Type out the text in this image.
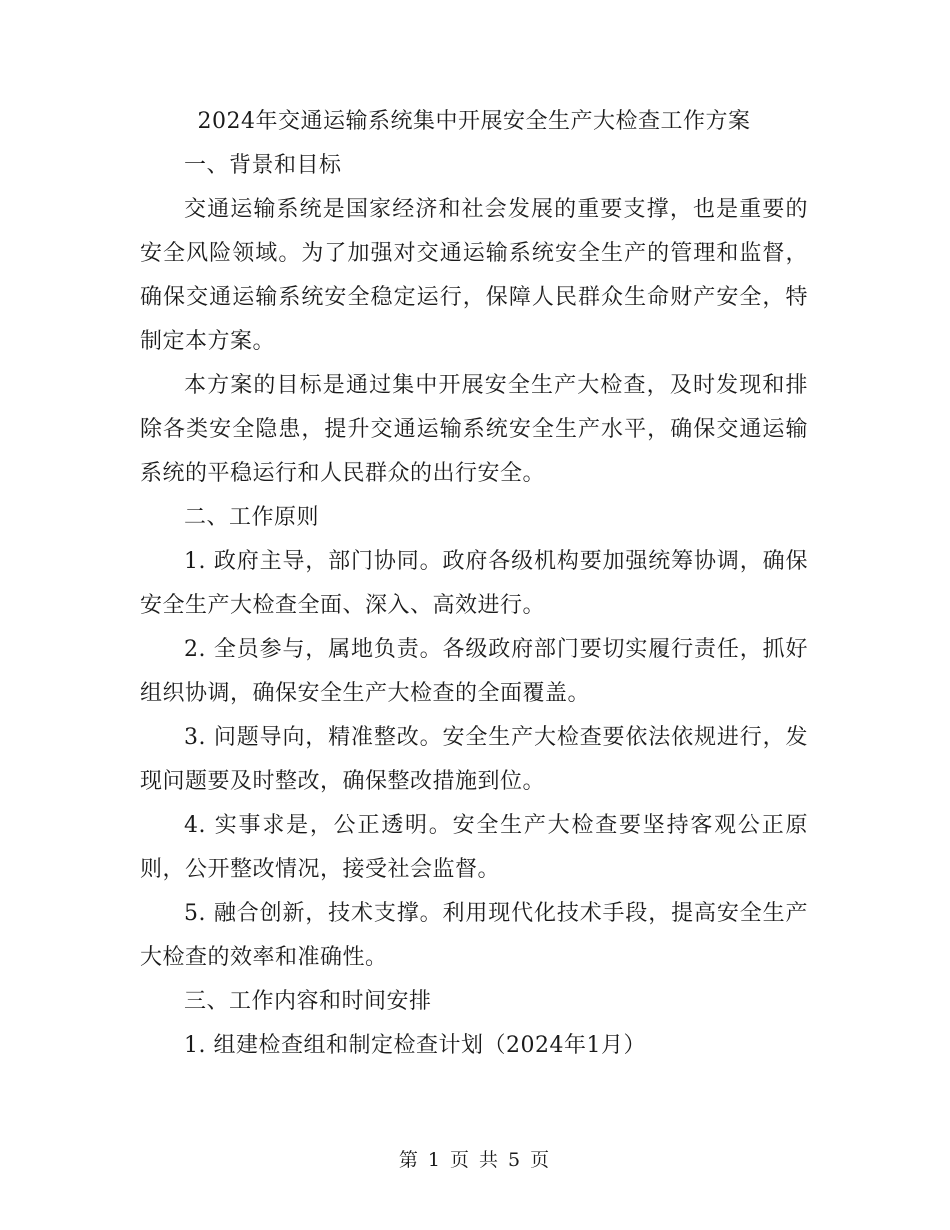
2024年交通运输系统集中开展安全生产大检查工作方案

一、背景和目标

交通运输系统是国家经济和社会发展的重要支撑，也是重要的安全风险领域。为了加强对交通运输系统安全生产的管理和监督，确保交通运输系统安全稳定运行，保障人民群众生命财产安全，特制定本方案。

本方案的目标是通过集中开展安全生产大检查，及时发现和排除各类安全隐患，提升交通运输系统安全生产水平，确保交通运输系统的平稳运行和人民群众的出行安全。

二、工作原则

1. 政府主导，部门协同。政府各级机构要加强统筹协调，确保安全生产大检查全面、深入、高效进行。

2. 全员参与，属地负责。各级政府部门要切实履行责任，抓好组织协调，确保安全生产大检查的全面覆盖。

3. 问题导向，精准整改。安全生产大检查要依法依规进行，发现问题要及时整改，确保整改措施到位。

4. 实事求是，公正透明。安全生产大检查要坚持客观公正原则，公开整改情况，接受社会监督。

5. 融合创新，技术支撑。利用现代化技术手段，提高安全生产大检查的效率和准确性。

三、工作内容和时间安排

1. 组建检查组和制定检查计划（2024年1月）

第 1 页 共 5 页
